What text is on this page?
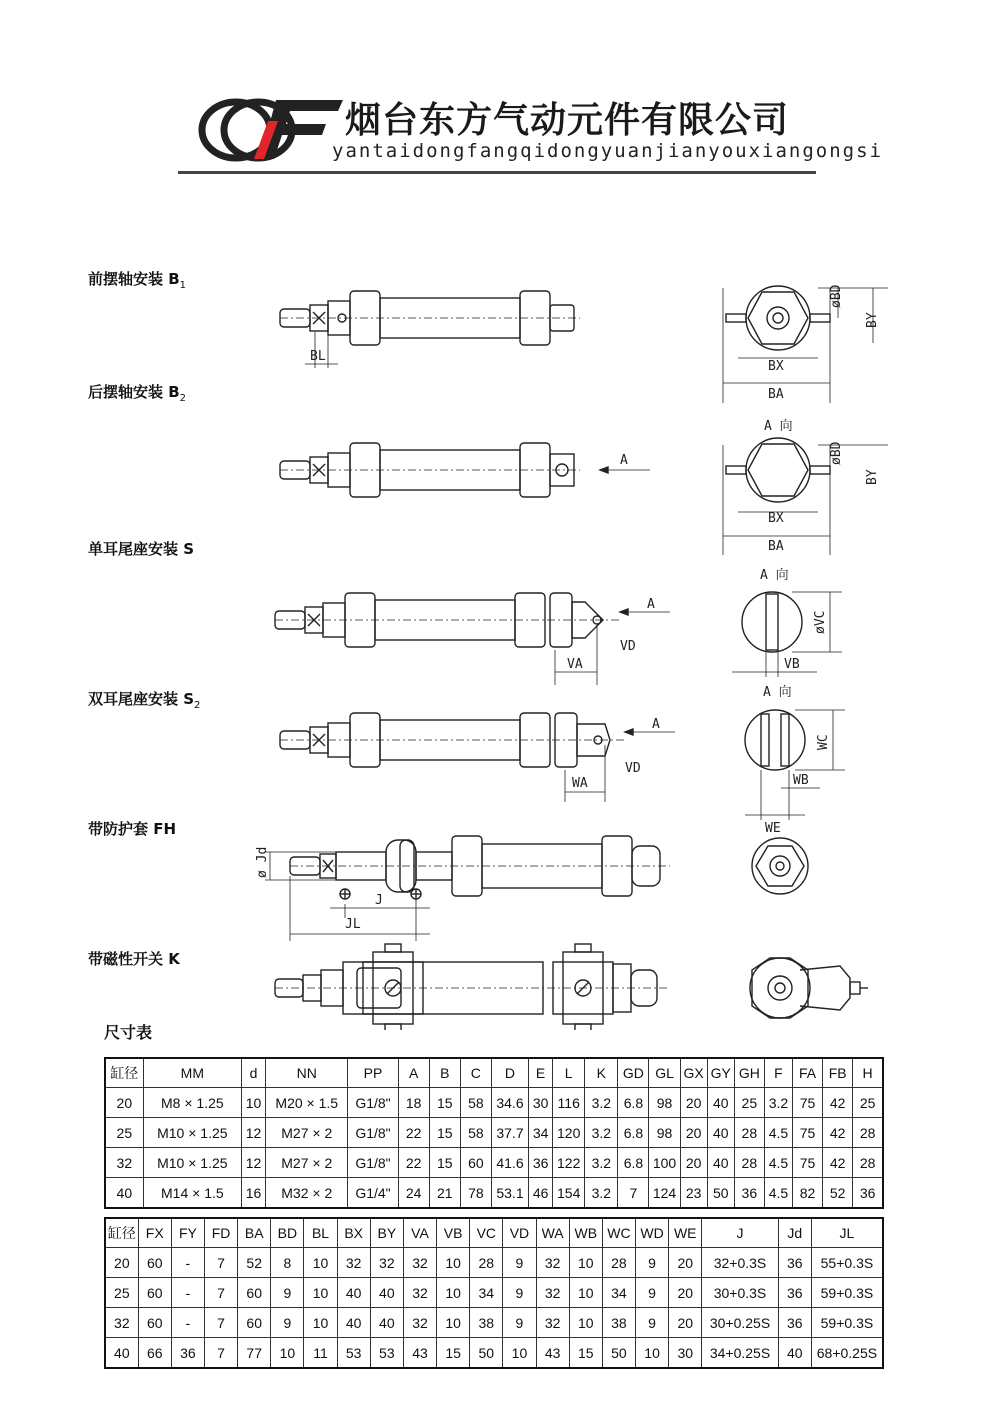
OF
烟台东方气动元件有限公司
yantaidongfangqidongyuanjianyouxiangongsi
前摆轴安装 $B_1$
后摆轴安装 $B_2$
单耳尾座安装 S
双耳尾座安装 $S_2$
带防护套 FH
带磁性开关 K
BL
BX
BA
øBD
BY
A
A 向
BX
BA
øBD
BY
VA
VD
A
A 向
øVC
VB
WA
VD
A
A 向
WC
WB
WE
ø Jd
J
JL
尺寸表
缸径	MM	d	NN	PP	A	B	C	D	E	L	K	GD	GL	GX	GY	GH	F	FA	FB	H
20	M8 × 1.25	10	M20 × 1.5	G1/8"	18	15	58	34.6	30	116	3.2	6.8	98	20	40	25	3.2	75	42	25
25	M10 × 1.25	12	M27 × 2	G1/8"	22	15	58	37.7	34	120	3.2	6.8	98	20	40	28	4.5	75	42	28
32	M10 × 1.25	12	M27 × 2	G1/8"	22	15	60	41.6	36	122	3.2	6.8	100	20	40	28	4.5	75	42	28
40	M14 × 1.5	16	M32 × 2	G1/4"	24	21	78	53.1	46	154	3.2	7	124	23	50	36	4.5	82	52	36
缸径	FX	FY	FD	BA	BD	BL	BX	BY	VA	VB	VC	VD	WA	WB	WC	WD	WE	J	Jd	JL
20	60	-	7	52	8	10	32	32	32	10	28	9	32	10	28	9	20	32+0.3S	36	55+0.3S
25	60	-	7	60	9	10	40	40	32	10	34	9	32	10	34	9	20	30+0.3S	36	59+0.3S
32	60	-	7	60	9	10	40	40	32	10	38	9	32	10	38	9	20	30+0.25S	36	59+0.3S
40	66	36	7	77	10	11	53	53	43	15	50	10	43	15	50	10	30	34+0.25S	40	68+0.25S
